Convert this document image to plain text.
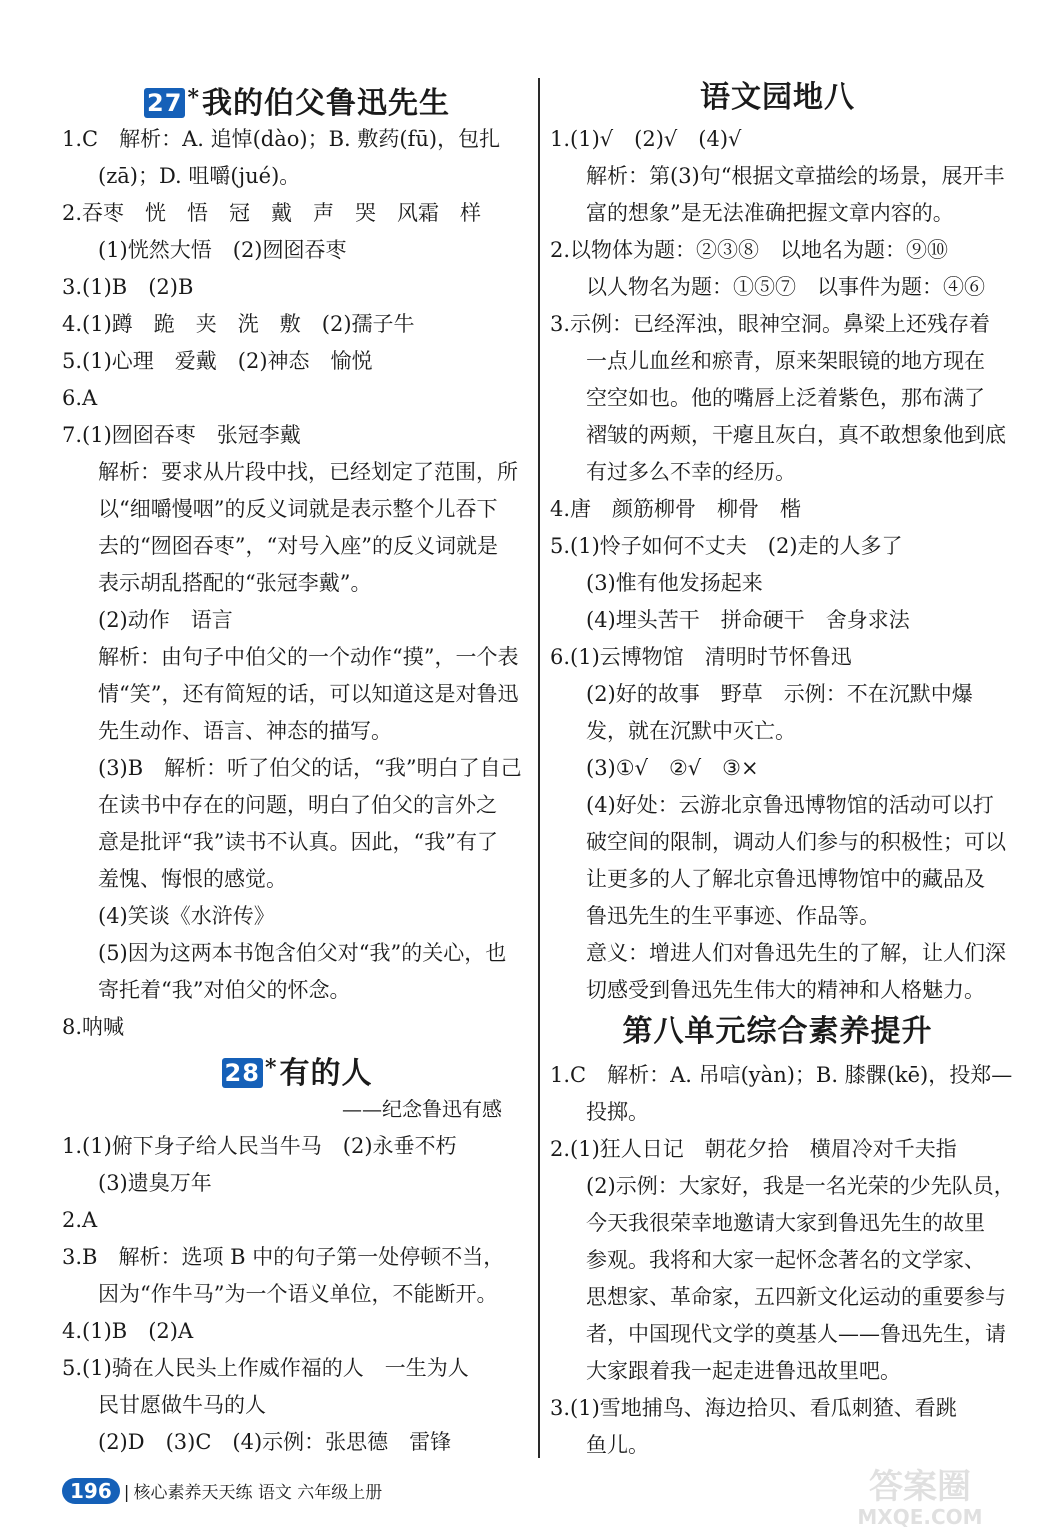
27 *我的伯父鲁迅先生
1.C　解析：A. 追悼(dào)；B. 敷药(fū)，包扎
(zā)；D. 咀嚼(jué)。
2.吞枣　恍　悟　冠　戴　声　哭　风霜　样
(1)恍然大悟　(2)囫囵吞枣
3.(1)B　(2)B
4.(1)蹲　跪　夹　洗　敷　(2)孺子牛
5.(1)心理　爱戴　(2)神态　愉悦
6.A
7.(1)囫囵吞枣　张冠李戴
解析：要求从片段中找，已经划定了范围，所
以“细嚼慢咽”的反义词就是表示整个儿吞下
去的“囫囵吞枣”，“对号入座”的反义词就是
表示胡乱搭配的“张冠李戴”。
(2)动作　语言
解析：由句子中伯父的一个动作“摸”，一个表
情“笑”，还有简短的话，可以知道这是对鲁迅
先生动作、语言、神态的描写。
(3)B　解析：听了伯父的话，“我”明白了自己
在读书中存在的问题，明白了伯父的言外之
意是批评“我”读书不认真。因此，“我”有了
羞愧、悔恨的感觉。
(4)笑谈《水浒传》
(5)因为这两本书饱含伯父对“我”的关心，也
寄托着“我”对伯父的怀念。
8.呐喊
28 *有的人
——纪念鲁迅有感
1.(1)俯下身子给人民当牛马　(2)永垂不朽
(3)遗臭万年
2.A
3.B　解析：选项 B 中的句子第一处停顿不当，
因为“作牛马”为一个语义单位，不能断开。
4.(1)B　(2)A
5.(1)骑在人民头上作威作福的人　一生为人
民甘愿做牛马的人
(2)D　(3)C　(4)示例：张思德　雷锋
语文园地八
1.(1)√　(2)√　(4)√
解析：第(3)句“根据文章描绘的场景，展开丰
富的想象”是无法准确把握文章内容的。
2.以物体为题：②③⑧　以地名为题：⑨⑩
以人物名为题：①⑤⑦　以事件为题：④⑥
3.示例：已经浑浊，眼神空洞。鼻梁上还残存着
一点儿血丝和瘀青，原来架眼镜的地方现在
空空如也。他的嘴唇上泛着紫色，那布满了
褶皱的两颊，干瘪且灰白，真不敢想象他到底
有过多么不幸的经历。
4.唐　颜筋柳骨　柳骨　楷
5.(1)怜子如何不丈夫　(2)走的人多了
(3)惟有他发扬起来
(4)埋头苦干　拼命硬干　舍身求法
6.(1)云博物馆　清明时节怀鲁迅
(2)好的故事　野草　示例：不在沉默中爆
发，就在沉默中灭亡。
(3)①√　②√　③×
(4)好处：云游北京鲁迅博物馆的活动可以打
破空间的限制，调动人们参与的积极性；可以
让更多的人了解北京鲁迅博物馆中的藏品及
鲁迅先生的生平事迹、作品等。
意义：增进人们对鲁迅先生的了解，让人们深
切感受到鲁迅先生伟大的精神和人格魅力。
第八单元综合素养提升
1.C　解析：A. 吊唁(yàn)；B. 膝髁(kē)，投郑—
投掷。
2.(1)狂人日记　朝花夕拾　横眉冷对千夫指
(2)示例：大家好，我是一名光荣的少先队员，
今天我很荣幸地邀请大家到鲁迅先生的故里
参观。我将和大家一起怀念著名的文学家、
思想家、革命家，五四新文化运动的重要参与
者，中国现代文学的奠基人——鲁迅先生，请
大家跟着我一起走进鲁迅故里吧。
3.(1)雪地捕鸟、海边拾贝、看瓜刺猹、看跳
鱼儿。
196 | 核心素养天天练 语文 六年级上册	答案圈
MXQE.COM
